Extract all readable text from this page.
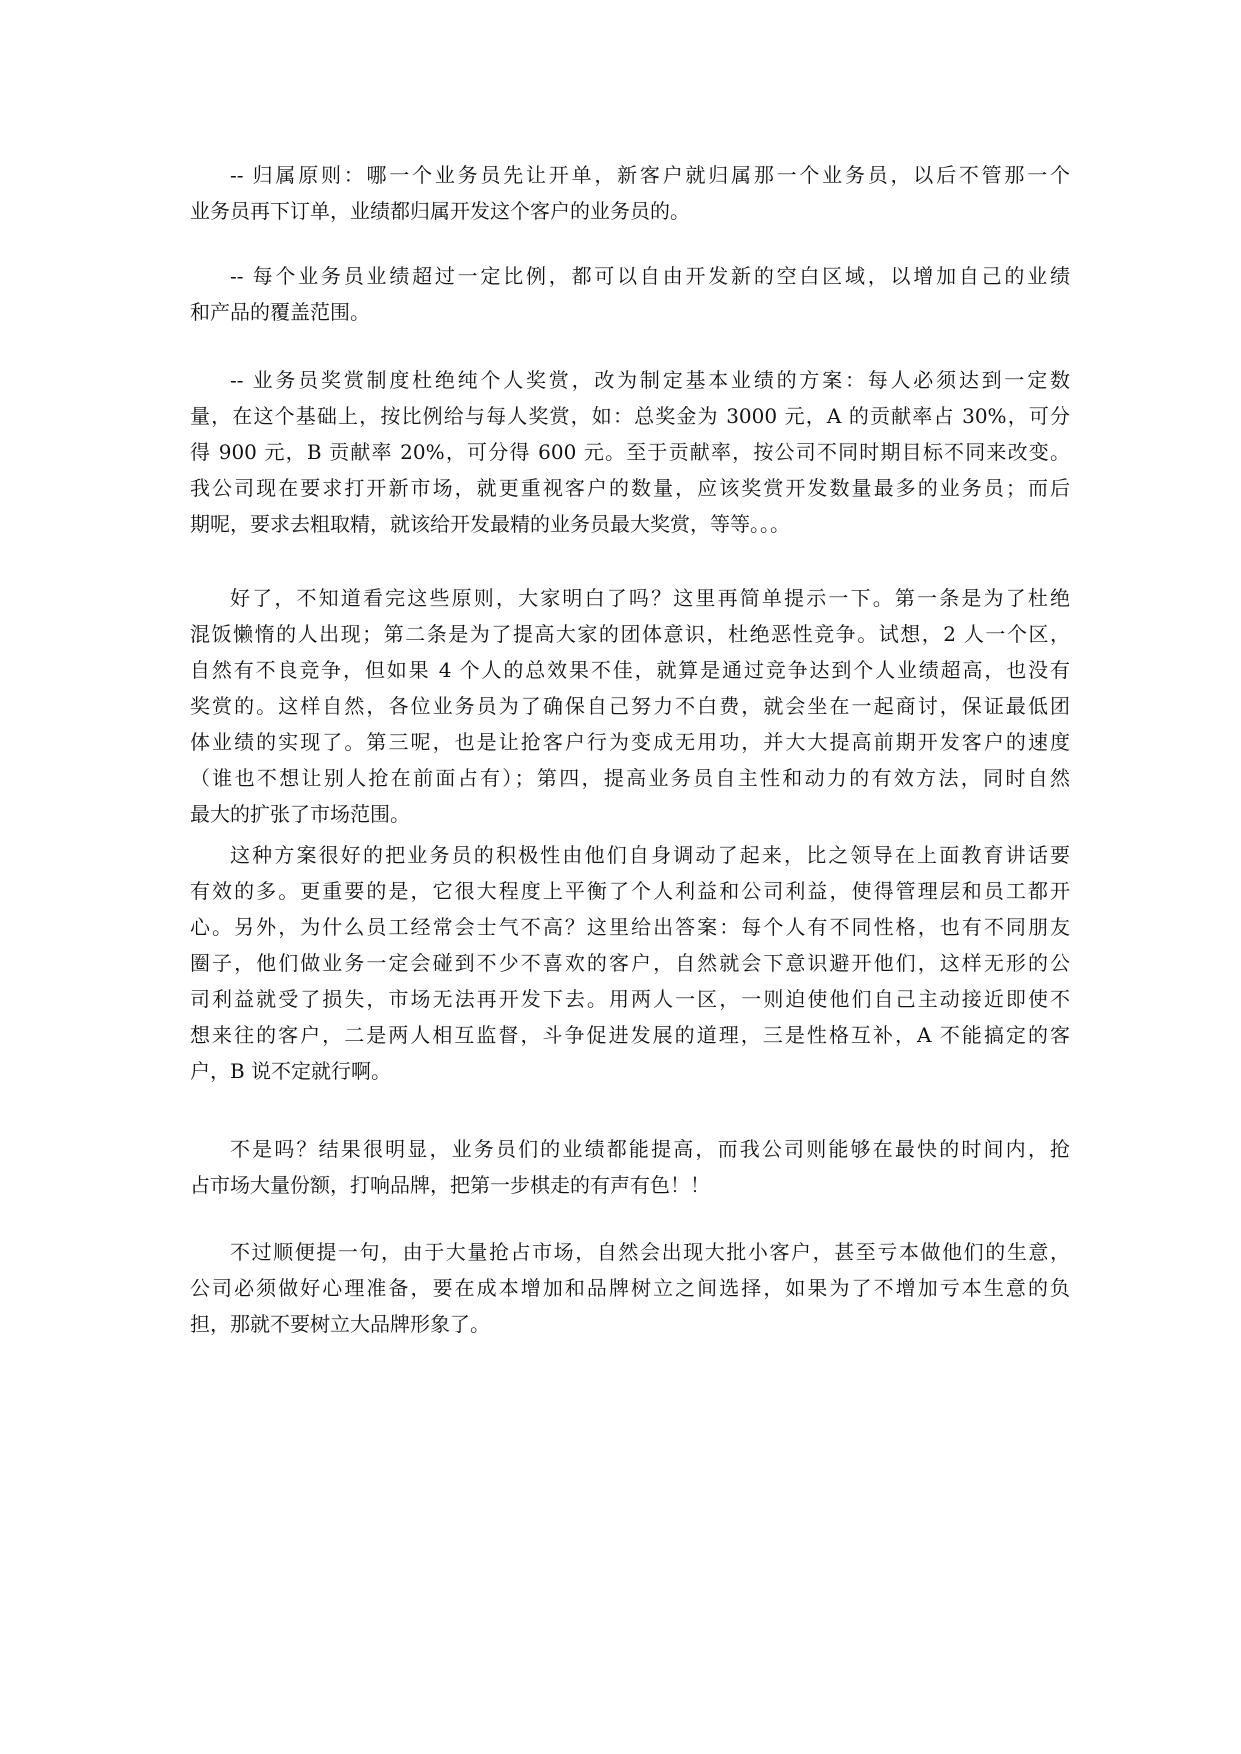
-- 归属原则：哪一个业务员先让开单，新客户就归属那一个业务员，以后不管那一个
业务员再下订单，业绩都归属开发这个客户的业务员的。
-- 每个业务员业绩超过一定比例，都可以自由开发新的空白区域，以增加自己的业绩
和产品的覆盖范围。
-- 业务员奖赏制度杜绝纯个人奖赏，改为制定基本业绩的方案：每人必须达到一定数
量，在这个基础上，按比例给与每人奖赏，如：总奖金为 3000 元，A 的贡献率占 30%，可分
得 900 元，B 贡献率 20%，可分得 600 元。至于贡献率，按公司不同时期目标不同来改变。
我公司现在要求打开新市场，就更重视客户的数量，应该奖赏开发数量最多的业务员；而后
期呢，要求去粗取精，就该给开发最精的业务员最大奖赏，等等。。。
好了，不知道看完这些原则，大家明白了吗？这里再简单提示一下。第一条是为了杜绝
混饭懒惰的人出现；第二条是为了提高大家的团体意识，杜绝恶性竞争。试想，2 人一个区，
自然有不良竞争，但如果 4 个人的总效果不佳，就算是通过竞争达到个人业绩超高，也没有
奖赏的。这样自然，各位业务员为了确保自己努力不白费，就会坐在一起商讨，保证最低团
体业绩的实现了。第三呢，也是让抢客户行为变成无用功，并大大提高前期开发客户的速度
（谁也不想让别人抢在前面占有）；第四，提高业务员自主性和动力的有效方法，同时自然
最大的扩张了市场范围。
这种方案很好的把业务员的积极性由他们自身调动了起来，比之领导在上面教育讲话要
有效的多。更重要的是，它很大程度上平衡了个人利益和公司利益，使得管理层和员工都开
心。另外，为什么员工经常会士气不高？这里给出答案：每个人有不同性格，也有不同朋友
圈子，他们做业务一定会碰到不少不喜欢的客户，自然就会下意识避开他们，这样无形的公
司利益就受了损失，市场无法再开发下去。用两人一区，一则迫使他们自己主动接近即使不
想来往的客户，二是两人相互监督，斗争促进发展的道理，三是性格互补，A 不能搞定的客
户，B 说不定就行啊。
不是吗？结果很明显，业务员们的业绩都能提高，而我公司则能够在最快的时间内，抢
占市场大量份额，打响品牌，把第一步棋走的有声有色！！
不过顺便提一句，由于大量抢占市场，自然会出现大批小客户，甚至亏本做他们的生意，
公司必须做好心理准备，要在成本增加和品牌树立之间选择，如果为了不增加亏本生意的负
担，那就不要树立大品牌形象了。
